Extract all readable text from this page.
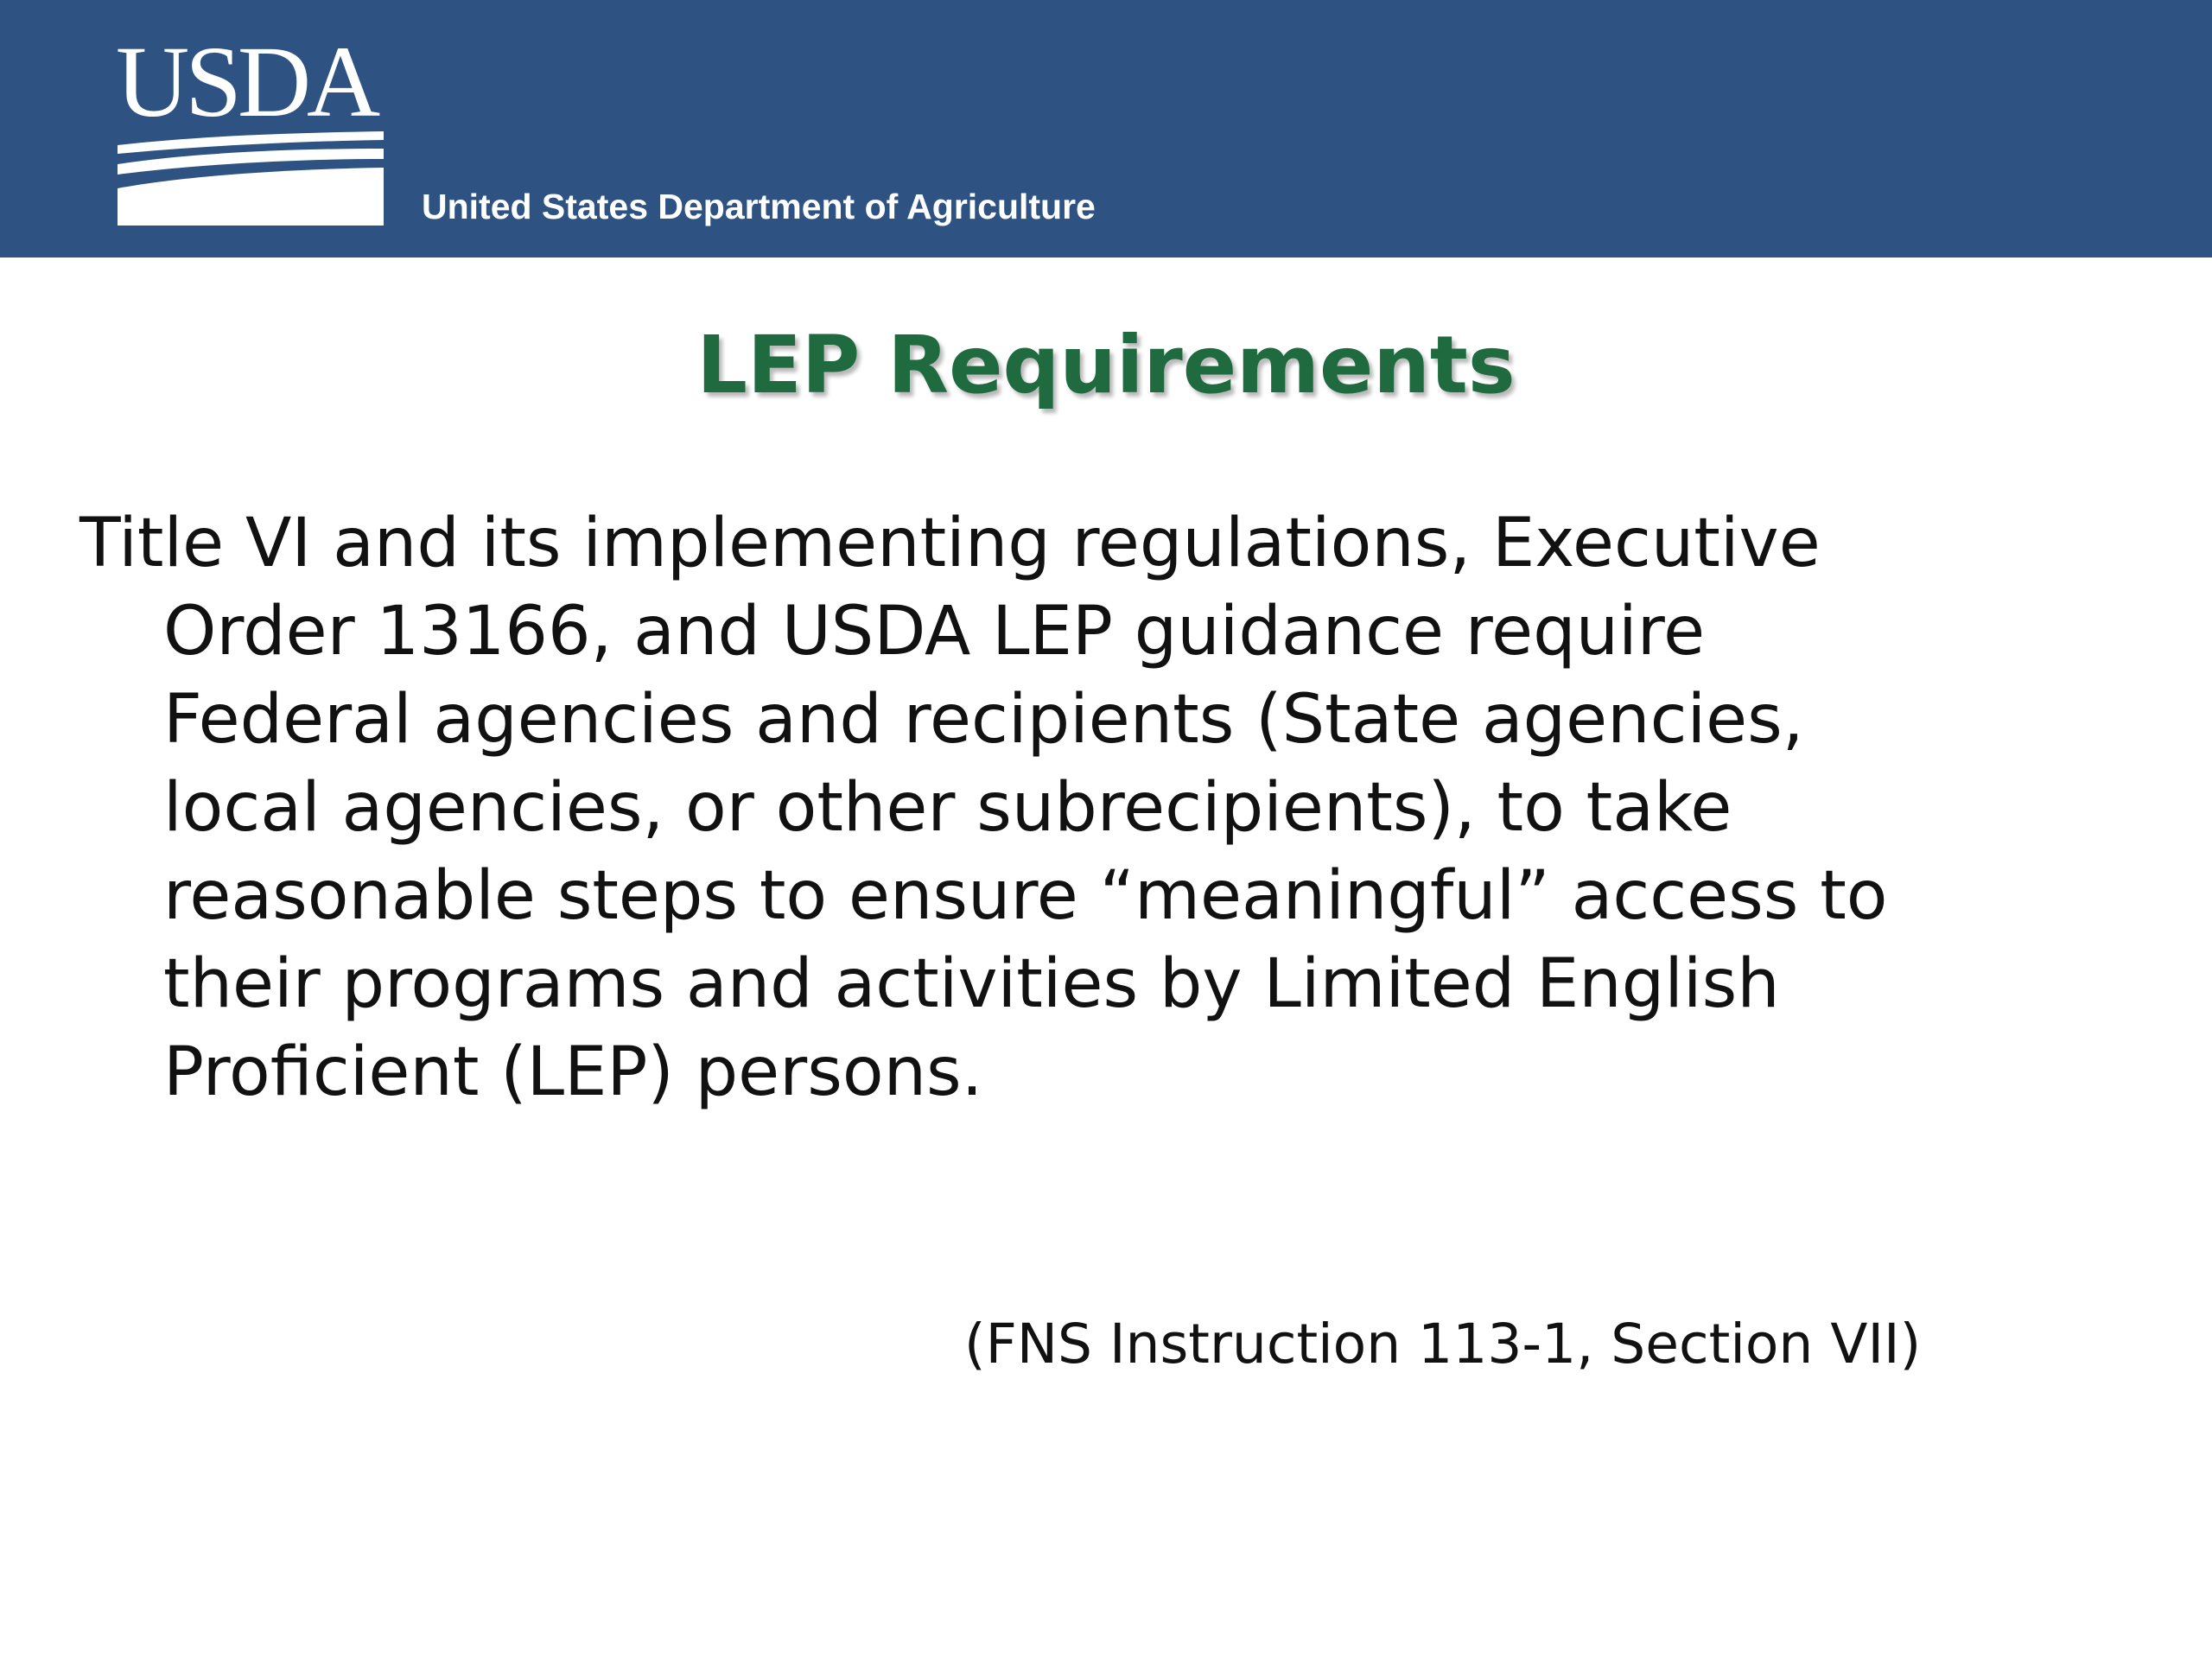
USDA
United States Department of Agriculture
LEP Requirements

Title VI and its implementing regulations, Executive
Order 13166, and USDA LEP guidance require
Federal agencies and recipients (State agencies,
local agencies, or other subrecipients), to take
reasonable steps to ensure “meaningful” access to
their programs and activities by Limited English
Proficient (LEP) persons.

(FNS Instruction 113-1, Section VII)
